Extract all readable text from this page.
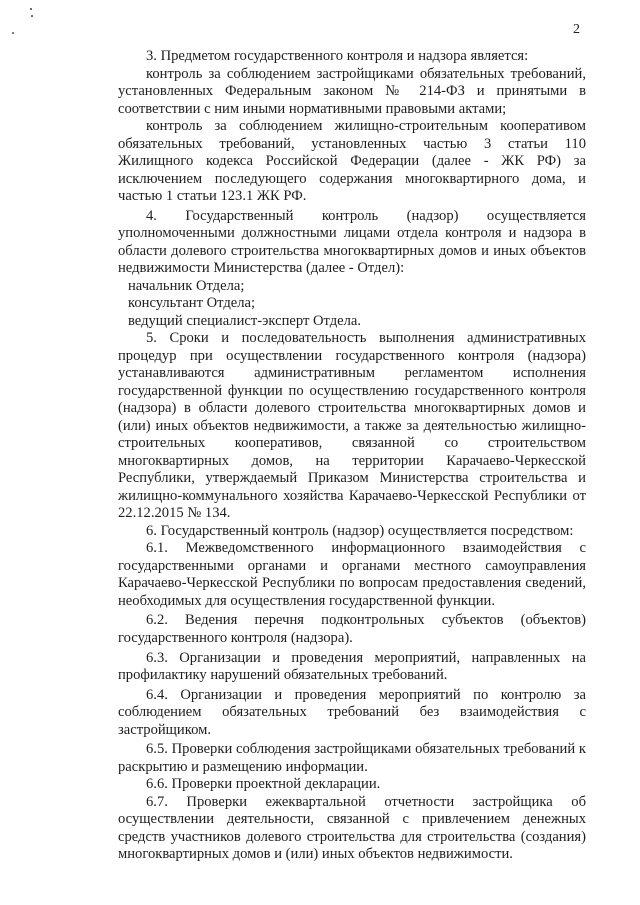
2

3. Предметом государственного контроля и надзора является:

контроль за соблюдением застройщиками обязательных требований, установленных Федеральным законом № 214-ФЗ и принятыми в соответствии с ним иными нормативными правовыми актами;

контроль за соблюдением жилищно-строительным кооперативом обязательных требований, установленных частью 3 статьи 110 Жилищного кодекса Российской Федерации (далее - ЖК РФ) за исключением последующего содержания многоквартирного дома, и частью 1 статьи 123.1 ЖК РФ.

4. Государственный контроль (надзор) осуществляется уполномоченными должностными лицами отдела контроля и надзора в области долевого строительства многоквартирных домов и иных объектов недвижимости Министерства (далее - Отдел):

начальник Отдела;

консультант Отдела;

ведущий специалист-эксперт Отдела.

5. Сроки и последовательность выполнения административных процедур при осуществлении государственного контроля (надзора) устанавливаются административным регламентом исполнения государственной функции по осуществлению государственного контроля (надзора) в области долевого строительства многоквартирных домов и (или) иных объектов недвижимости, а также за деятельностью жилищно-строительных кооперативов, связанной со строительством многоквартирных домов, на территории Карачаево-Черкесской Республики, утверждаемый Приказом Министерства строительства и жилищно-коммунального хозяйства Карачаево-Черкесской Республики от 22.12.2015 № 134.

6. Государственный контроль (надзор) осуществляется посредством:

6.1. Межведомственного информационного взаимодействия с государственными органами и органами местного самоуправления Карачаево-Черкесской Республики по вопросам предоставления сведений, необходимых для осуществления государственной функции.

6.2. Ведения перечня подконтрольных субъектов (объектов) государственного контроля (надзора).

6.3. Организации и проведения мероприятий, направленных на профилактику нарушений обязательных требований.

6.4. Организации и проведения мероприятий по контролю за соблюдением обязательных требований без взаимодействия с застройщиком.

6.5. Проверки соблюдения застройщиками обязательных требований к раскрытию и размещению информации.

6.6. Проверки проектной декларации.

6.7. Проверки ежеквартальной отчетности застройщика об осуществлении деятельности, связанной с привлечением денежных средств участников долевого строительства для строительства (создания) многоквартирных домов и (или) иных объектов недвижимости.
